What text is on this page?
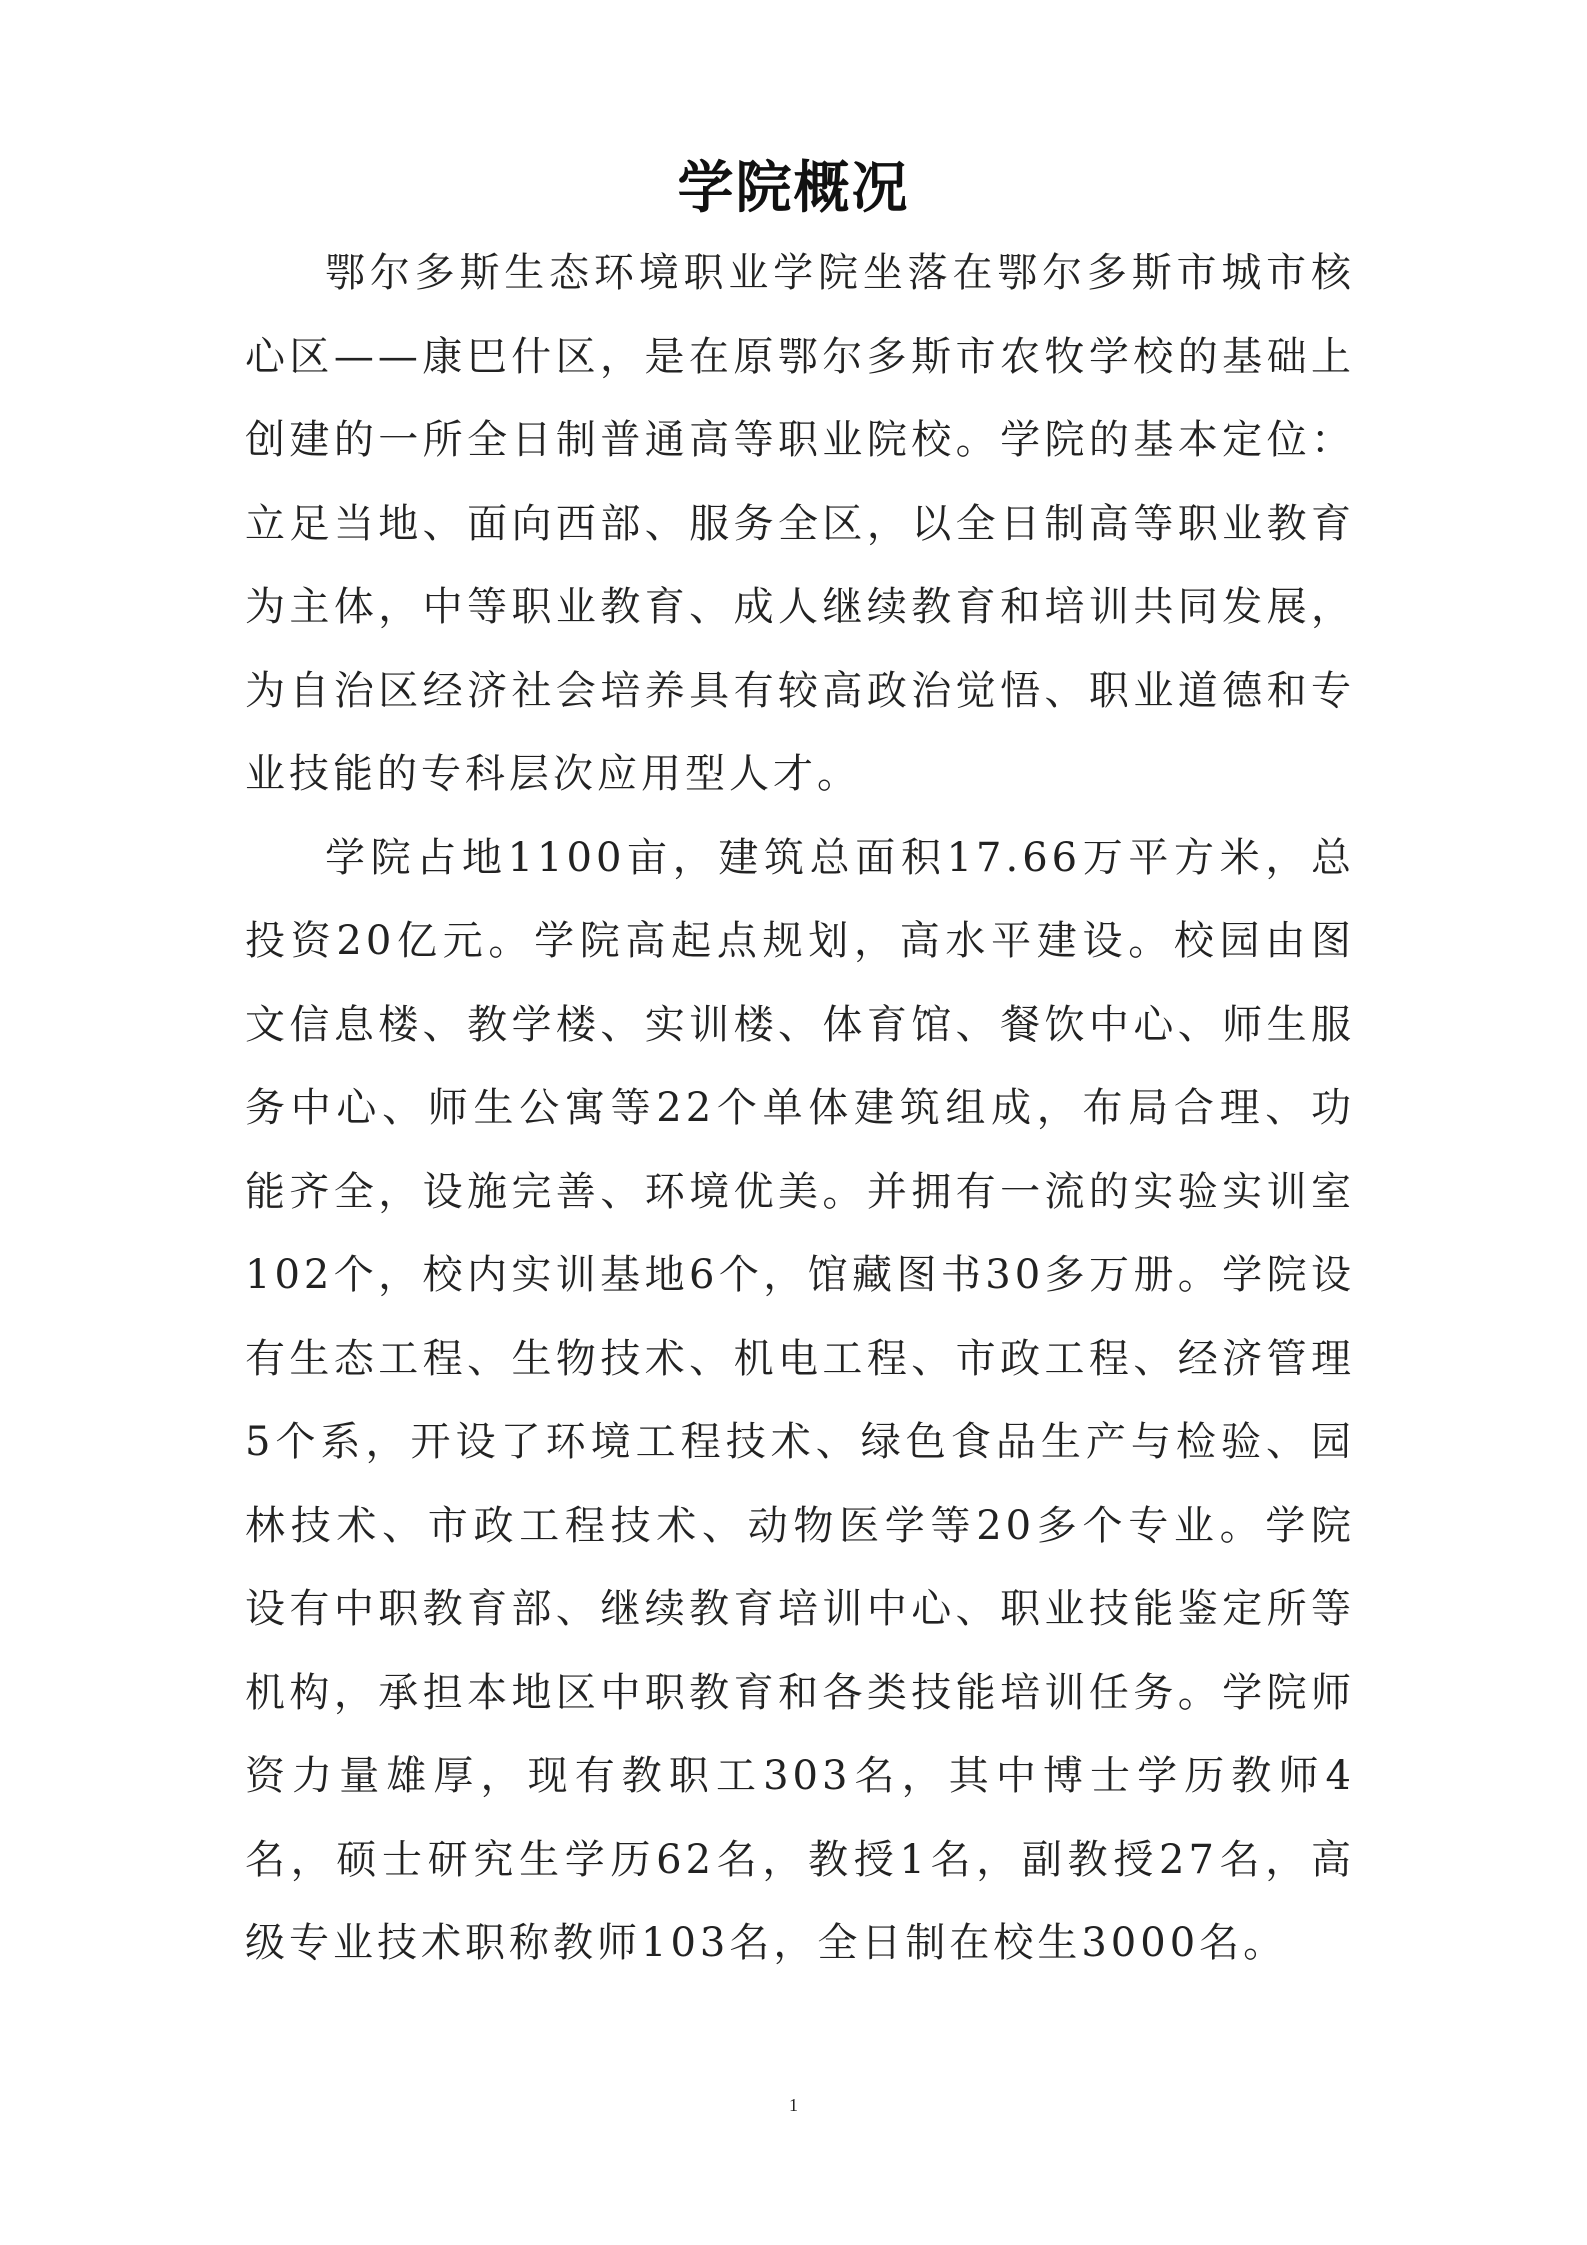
学院概况

鄂尔多斯生态环境职业学院坐落在鄂尔多斯市城市核心区——康巴什区，是在原鄂尔多斯市农牧学校的基础上创建的一所全日制普通高等职业院校。学院的基本定位：立足当地、面向西部、服务全区，以全日制高等职业教育为主体，中等职业教育、成人继续教育和培训共同发展，为自治区经济社会培养具有较高政治觉悟、职业道德和专业技能的专科层次应用型人才。

学院占地1100亩，建筑总面积17.66万平方米，总投资20亿元。学院高起点规划，高水平建设。校园由图文信息楼、教学楼、实训楼、体育馆、餐饮中心、师生服务中心、师生公寓等22个单体建筑组成，布局合理、功能齐全，设施完善、环境优美。并拥有一流的实验实训室102个，校内实训基地6个，馆藏图书30多万册。学院设有生态工程、生物技术、机电工程、市政工程、经济管理5个系，开设了环境工程技术、绿色食品生产与检验、园林技术、市政工程技术、动物医学等20多个专业。学院设有中职教育部、继续教育培训中心、职业技能鉴定所等机构，承担本地区中职教育和各类技能培训任务。学院师资力量雄厚，现有教职工303名，其中博士学历教师4名，硕士研究生学历62名，教授1名，副教授27名，高级专业技术职称教师103名，全日制在校生3000名。

1
